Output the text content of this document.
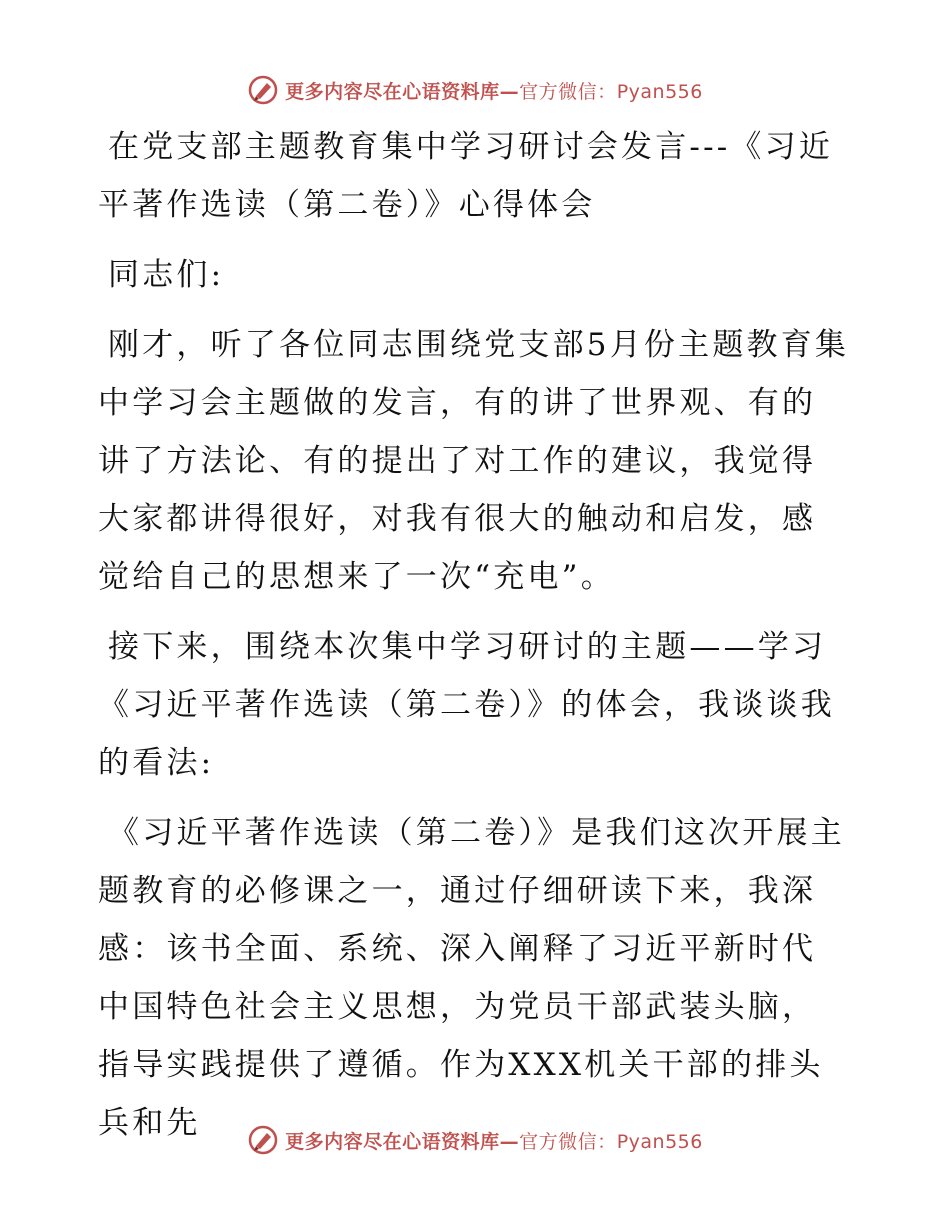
更多内容尽在心语资料库—官方微信：Pyan556

在党支部主题教育集中学习研讨会发言---《习近平著作选读（第二卷）》心得体会

同志们:

刚才，听了各位同志围绕党支部5月份主题教育集中学习会主题做的发言，有的讲了世界观、有的讲了方法论、有的提出了对工作的建议，我觉得大家都讲得很好，对我有很大的触动和启发，感觉给自己的思想来了一次“充电”。

接下来，围绕本次集中学习研讨的主题——学习《习近平著作选读（第二卷）》的体会，我谈谈我的看法:

《习近平著作选读（第二卷）》是我们这次开展主题教育的必修课之一，通过仔细研读下来，我深感：该书全面、系统、深入阐释了习近平新时代中国特色社会主义思想，为党员干部武装头脑，指导实践提供了遵循。作为XXX机关干部的排头兵和先

更多内容尽在心语资料库—官方微信：Pyan556
